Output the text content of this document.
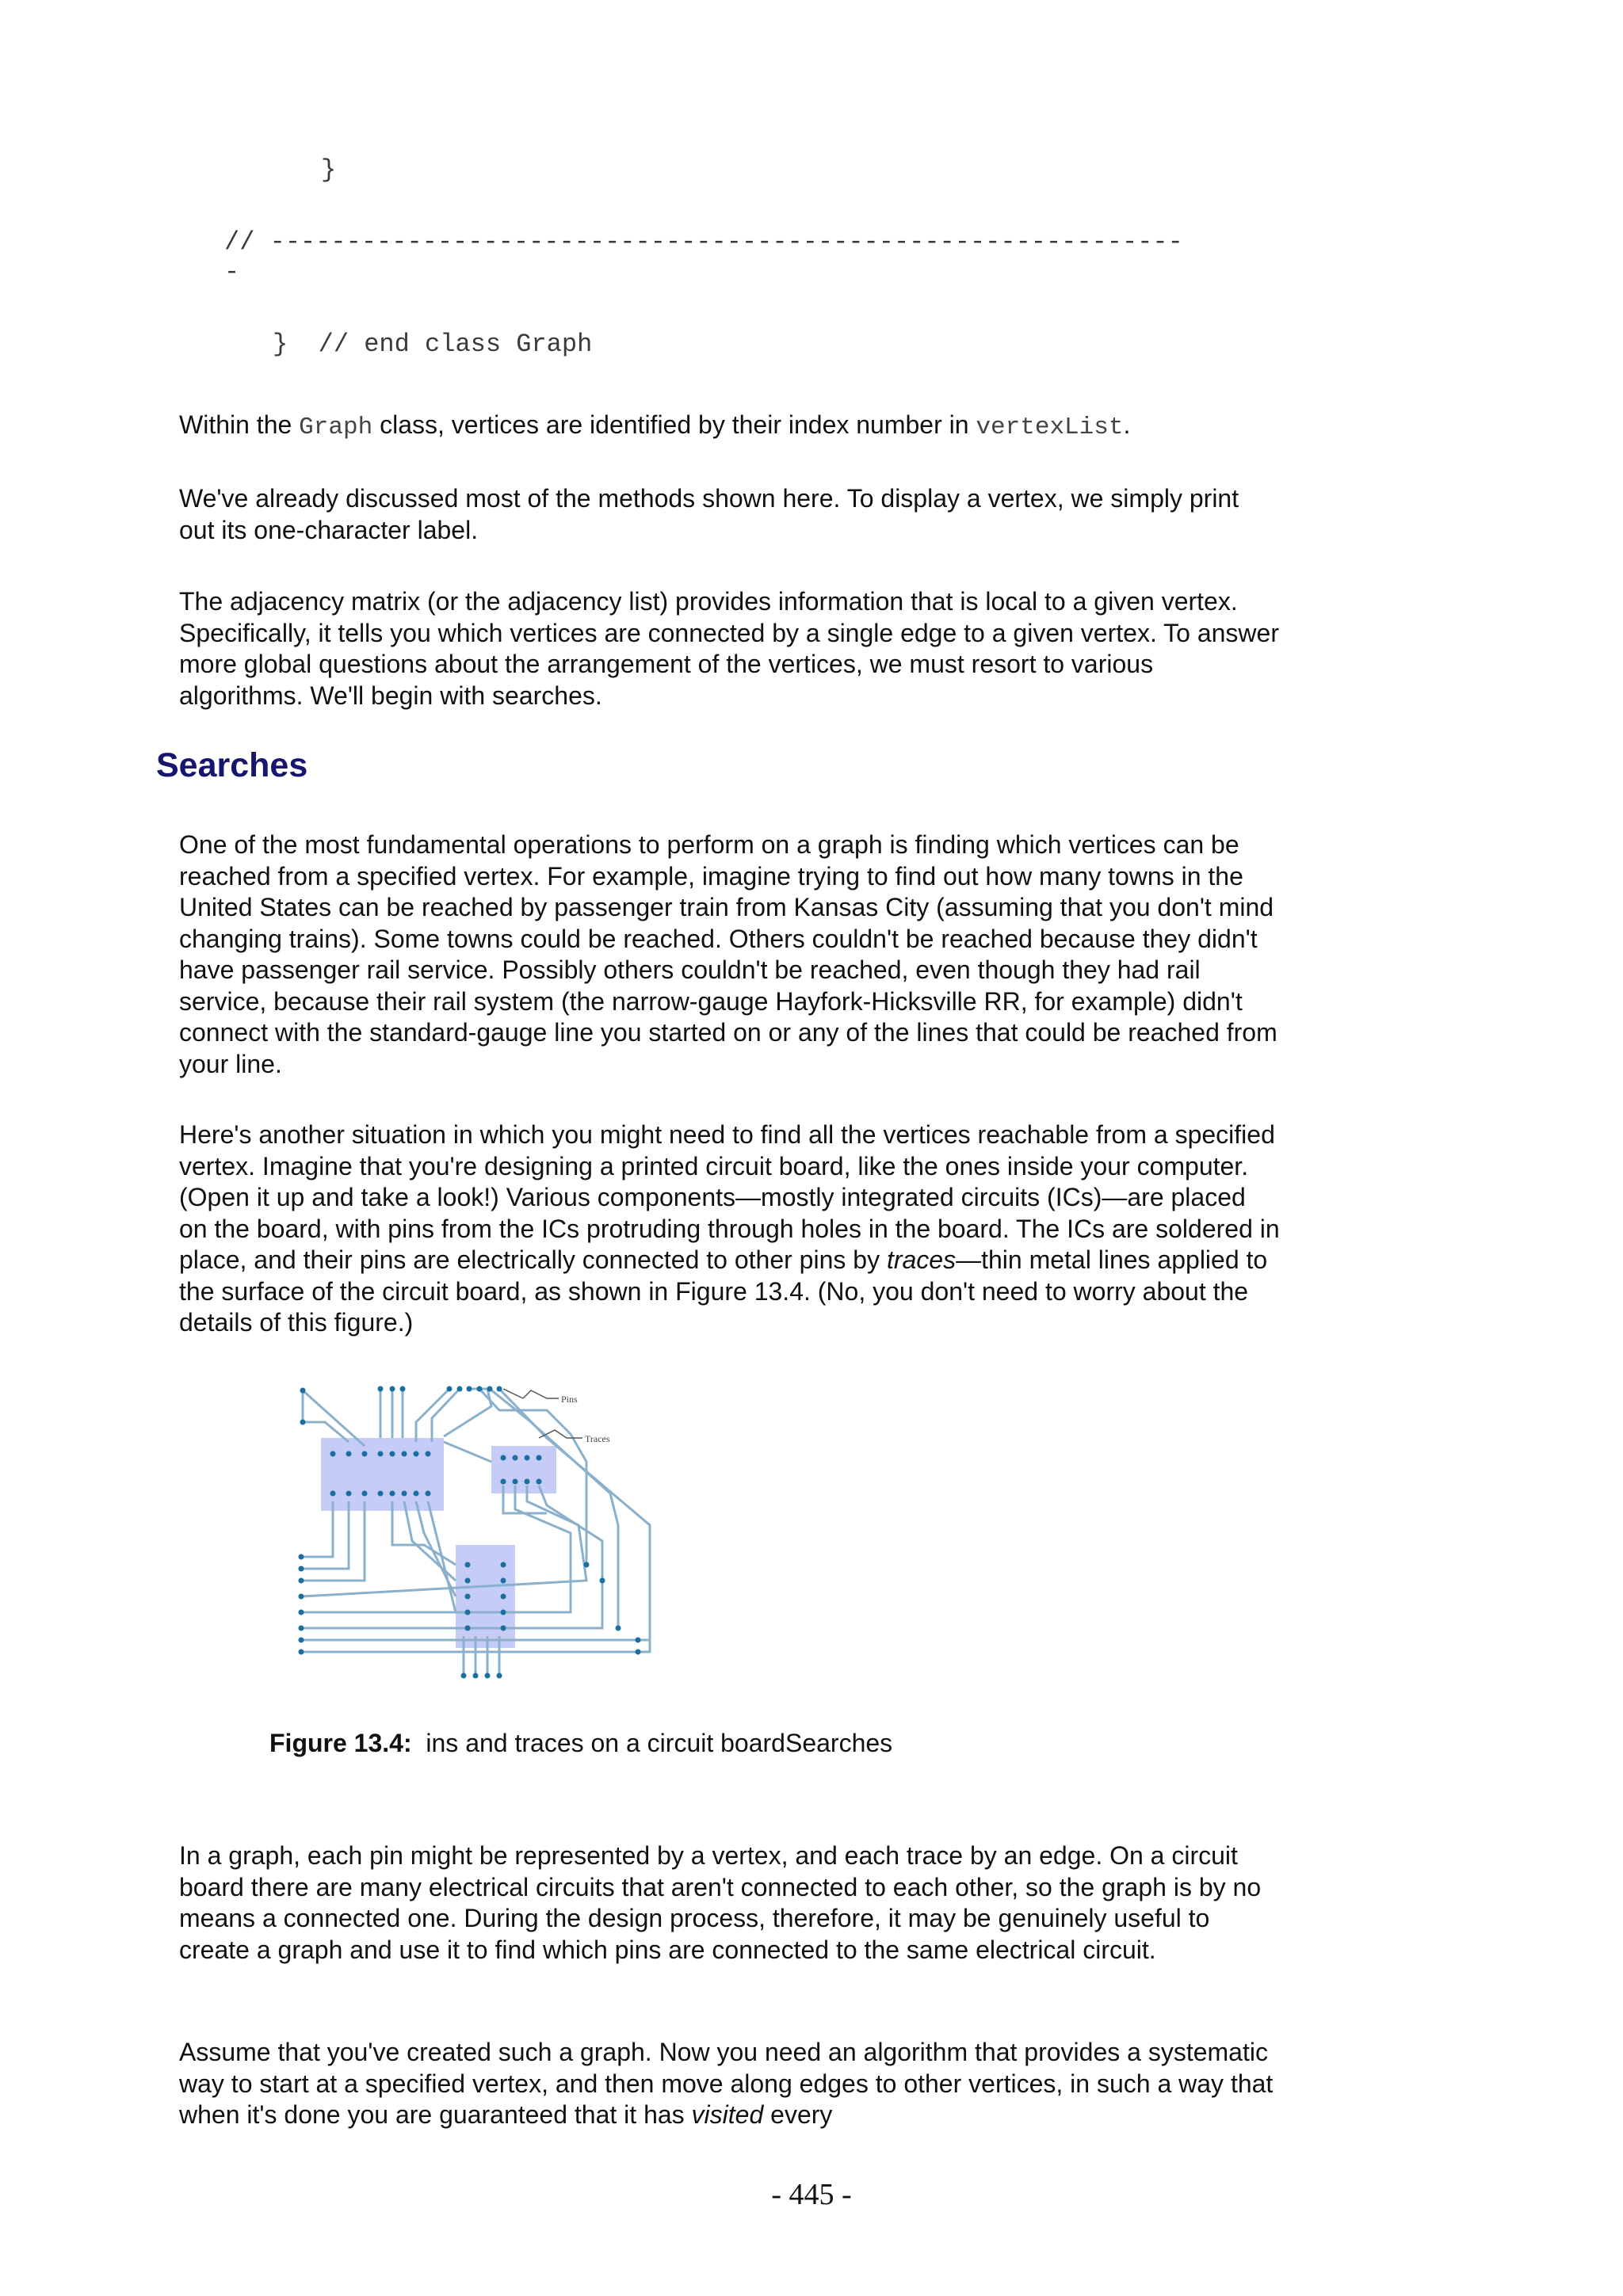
}
// ------------------------------------------------------------
-
}  // end class Graph

Within the Graph class, vertices are identified by their index number in vertexList.

We've already discussed most of the methods shown here. To display a vertex, we simply print out its one-character label.

The adjacency matrix (or the adjacency list) provides information that is local to a given vertex. Specifically, it tells you which vertices are connected by a single edge to a given vertex. To answer more global questions about the arrangement of the vertices, we must resort to various algorithms. We'll begin with searches.

Searches

One of the most fundamental operations to perform on a graph is finding which vertices can be reached from a specified vertex. For example, imagine trying to find out how many towns in the United States can be reached by passenger train from Kansas City (assuming that you don't mind changing trains). Some towns could be reached. Others couldn't be reached because they didn't have passenger rail service. Possibly others couldn't be reached, even though they had rail service, because their rail system (the narrow-gauge Hayfork-Hicksville RR, for example) didn't connect with the standard-gauge line you started on or any of the lines that could be reached from your line.

Here's another situation in which you might need to find all the vertices reachable from a specified vertex. Imagine that you're designing a printed circuit board, like the ones inside your computer. (Open it up and take a look!) Various components—mostly integrated circuits (ICs)—are placed on the board, with pins from the ICs protruding through holes in the board. The ICs are soldered in place, and their pins are electrically connected to other pins by traces—thin metal lines applied to the surface of the circuit board, as shown in Figure 13.4. (No, you don't need to worry about the details of this figure.)

Pins
Traces

Figure 13.4: ins and traces on a circuit boardSearches

In a graph, each pin might be represented by a vertex, and each trace by an edge. On a circuit board there are many electrical circuits that aren't connected to each other, so the graph is by no means a connected one. During the design process, therefore, it may be genuinely useful to create a graph and use it to find which pins are connected to the same electrical circuit.

Assume that you've created such a graph. Now you need an algorithm that provides a systematic way to start at a specified vertex, and then move along edges to other vertices, in such a way that when it's done you are guaranteed that it has visited every

- 445 -
